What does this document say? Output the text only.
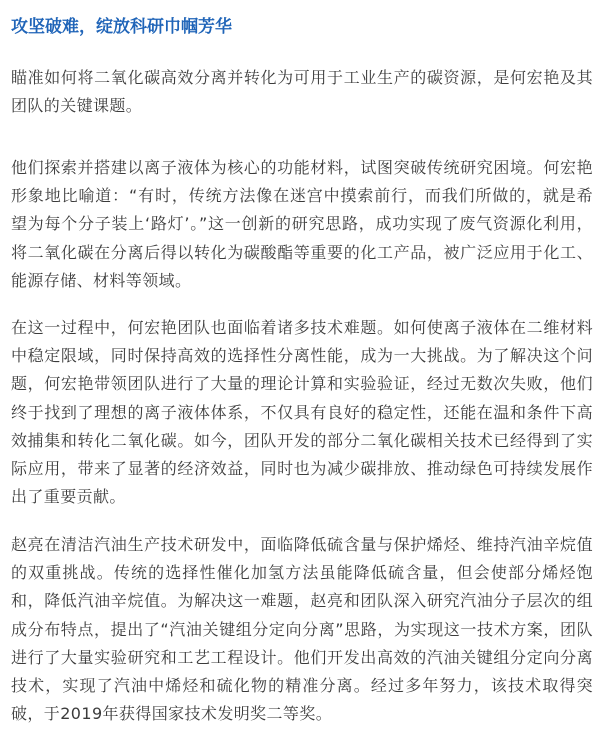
攻坚破难，绽放科研巾帼芳华

瞄准如何将二氧化碳高效分离并转化为可用于工业生产的碳资源，是何宏艳及其团队的关键课题。

他们探索并搭建以离子液体为核心的功能材料，试图突破传统研究困境。何宏艳形象地比喻道：“有时，传统方法像在迷宫中摸索前行，而我们所做的，就是希望为每个分子装上‘路灯’。”这一创新的研究思路，成功实现了废气资源化利用，将二氧化碳在分离后得以转化为碳酸酯等重要的化工产品，被广泛应用于化工、能源存储、材料等领域。

在这一过程中，何宏艳团队也面临着诸多技术难题。如何使离子液体在二维材料中稳定限域，同时保持高效的选择性分离性能，成为一大挑战。为了解决这个问题，何宏艳带领团队进行了大量的理论计算和实验验证，经过无数次失败，他们终于找到了理想的离子液体体系，不仅具有良好的稳定性，还能在温和条件下高效捕集和转化二氧化碳。如今，团队开发的部分二氧化碳相关技术已经得到了实际应用，带来了显著的经济效益，同时也为减少碳排放、推动绿色可持续发展作出了重要贡献。

赵亮在清洁汽油生产技术研发中，面临降低硫含量与保护烯烃、维持汽油辛烷值的双重挑战。传统的选择性催化加氢方法虽能降低硫含量，但会使部分烯烃饱和，降低汽油辛烷值。为解决这一难题，赵亮和团队深入研究汽油分子层次的组成分布特点，提出了“汽油关键组分定向分离”思路，为实现这一技术方案，团队进行了大量实验研究和工艺工程设计。他们开发出高效的汽油关键组分定向分离技术，实现了汽油中烯烃和硫化物的精准分离。经过多年努力，该技术取得突破，于2019年获得国家技术发明奖二等奖。
